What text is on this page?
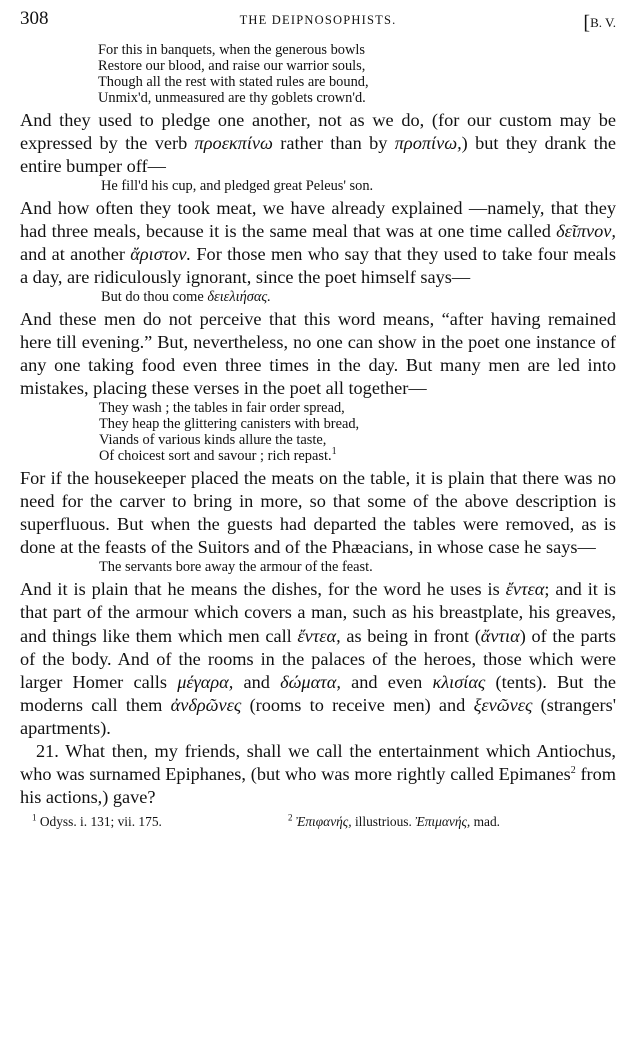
308	THE DEIPNOSOPHISTS.	[B. V.
For this in banquets, when the generous bowls
Restore our blood, and raise our warrior souls,
Though all the rest with stated rules are bound,
Unmix'd, unmeasured are thy goblets crown'd.

And they used to pledge one another, not as we do, (for our custom may be expressed by the verb προεκπίνω rather than by προπίνω,) but they drank the entire bumper off—

He fill'd his cup, and pledged great Peleus' son.

And how often they took meat, we have already explained —namely, that they had three meals, because it is the same meal that was at one time called δεῖπνον, and at another ἄριστον. For those men who say that they used to take four meals a day, are ridiculously ignorant, since the poet himself says—

But do thou come δειελιήσας.

And these men do not perceive that this word means, “after having remained here till evening.” But, nevertheless, no one can show in the poet one instance of any one taking food even three times in the day. But many men are led into mistakes, placing these verses in the poet all together—

They wash ; the tables in fair order spread,
They heap the glittering canisters with bread,
Viands of various kinds allure the taste,
Of choicest sort and savour ; rich repast.$^1$

For if the housekeeper placed the meats on the table, it is plain that there was no need for the carver to bring in more, so that some of the above description is superfluous. But when the guests had departed the tables were removed, as is done at the feasts of the Suitors and of the Phæacians, in whose case he says—

The servants bore away the armour of the feast.

And it is plain that he means the dishes, for the word he uses is ἔντεα; and it is that part of the armour which covers a man, such as his breastplate, his greaves, and things like them which men call ἔντεα, as being in front (ἄντια) of the parts of the body. And of the rooms in the palaces of the heroes, those which were larger Homer calls μέγαρα, and δώματα, and even κλισίας (tents). But the moderns call them ἀνδρῶνες (rooms to receive men) and ξενῶνες (strangers' apartments).

21. What then, my friends, shall we call the entertainment which Antiochus, who was surnamed Epiphanes, (but who was more rightly called Epimanes$^2$ from his actions,) gave?

$^1$ Odyss. i. 131; vii. 175.	$^2$ Ἐπιφανής, illustrious. Ἐπιμανής, mad.
